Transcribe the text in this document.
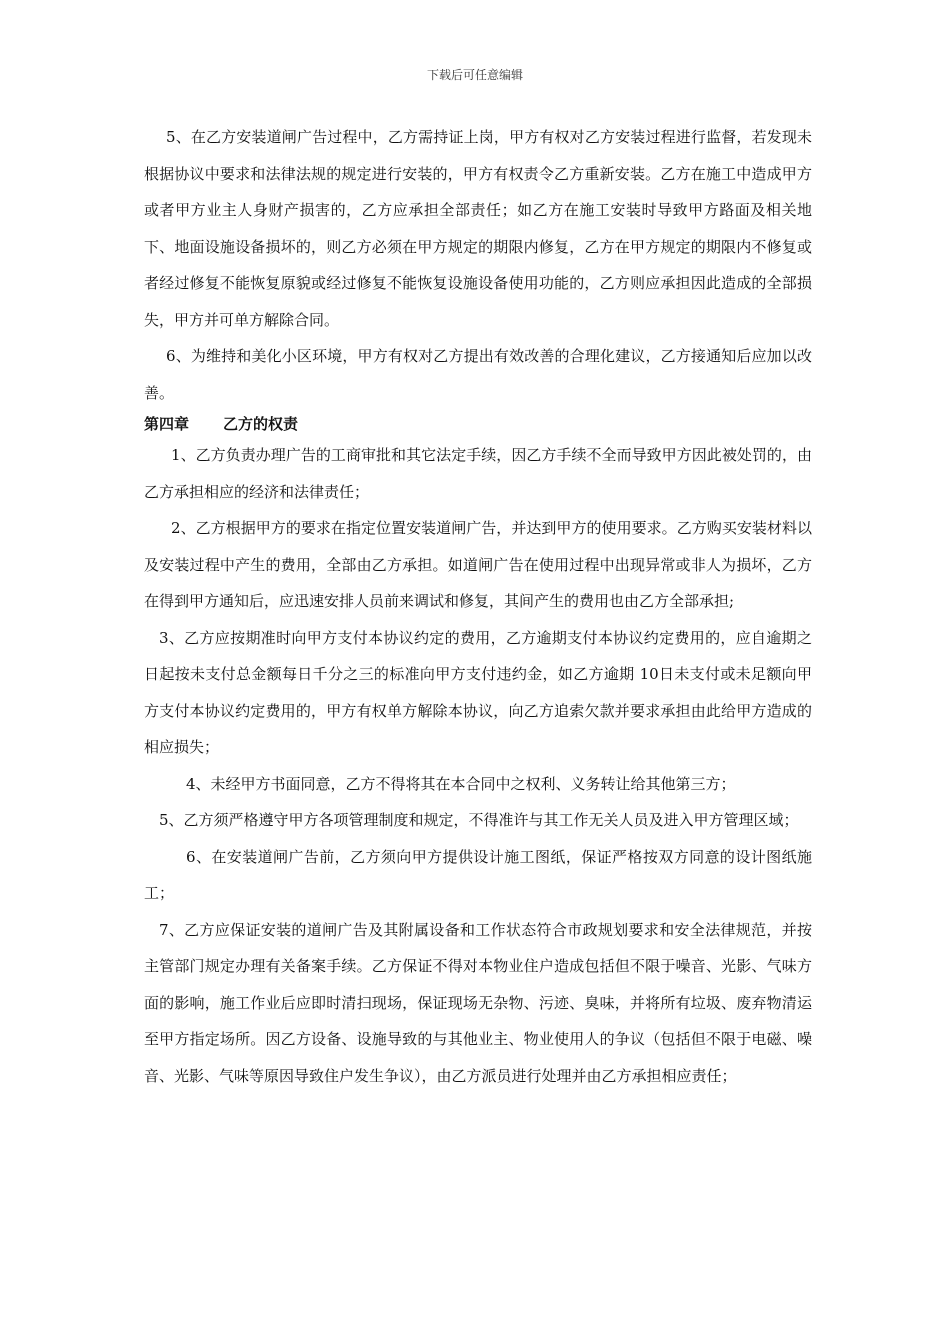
下载后可任意编辑

5、在乙方安装道闸广告过程中，乙方需持证上岗，甲方有权对乙方安装过程进行监督，若发现未根据协议中要求和法律法规的规定进行安装的，甲方有权责令乙方重新安装。乙方在施工中造成甲方或者甲方业主人身财产损害的，乙方应承担全部责任；如乙方在施工安装时导致甲方路面及相关地下、地面设施设备损坏的，则乙方必须在甲方规定的期限内修复，乙方在甲方规定的期限内不修复或者经过修复不能恢复原貌或经过修复不能恢复设施设备使用功能的，乙方则应承担因此造成的全部损失，甲方并可单方解除合同。

6、为维持和美化小区环境，甲方有权对乙方提出有效改善的合理化建议，乙方接通知后应加以改善。

第四章 乙方的权责

1、乙方负责办理广告的工商审批和其它法定手续，因乙方手续不全而导致甲方因此被处罚的，由乙方承担相应的经济和法律责任；

2、乙方根据甲方的要求在指定位置安装道闸广告，并达到甲方的使用要求。乙方购买安装材料以及安装过程中产生的费用，全部由乙方承担。如道闸广告在使用过程中出现异常或非人为损坏，乙方在得到甲方通知后，应迅速安排人员前来调试和修复，其间产生的费用也由乙方全部承担;

3、乙方应按期准时向甲方支付本协议约定的费用，乙方逾期支付本协议约定费用的，应自逾期之日起按未支付总金额每日千分之三的标准向甲方支付违约金，如乙方逾期 10日未支付或未足额向甲方支付本协议约定费用的，甲方有权单方解除本协议，向乙方追索欠款并要求承担由此给甲方造成的相应损失；

4、未经甲方书面同意，乙方不得将其在本合同中之权利、义务转让给其他第三方；

5、乙方须严格遵守甲方各项管理制度和规定，不得准许与其工作无关人员及进入甲方管理区域；

6、在安装道闸广告前，乙方须向甲方提供设计施工图纸，保证严格按双方同意的设计图纸施工；

7、乙方应保证安装的道闸广告及其附属设备和工作状态符合市政规划要求和安全法律规范，并按主管部门规定办理有关备案手续。乙方保证不得对本物业住户造成包括但不限于噪音、光影、气味方面的影响，施工作业后应即时清扫现场，保证现场无杂物、污迹、臭味，并将所有垃圾、废弃物清运至甲方指定场所。因乙方设备、设施导致的与其他业主、物业使用人的争议（包括但不限于电磁、噪音、光影、气味等原因导致住户发生争议），由乙方派员进行处理并由乙方承担相应责任；
